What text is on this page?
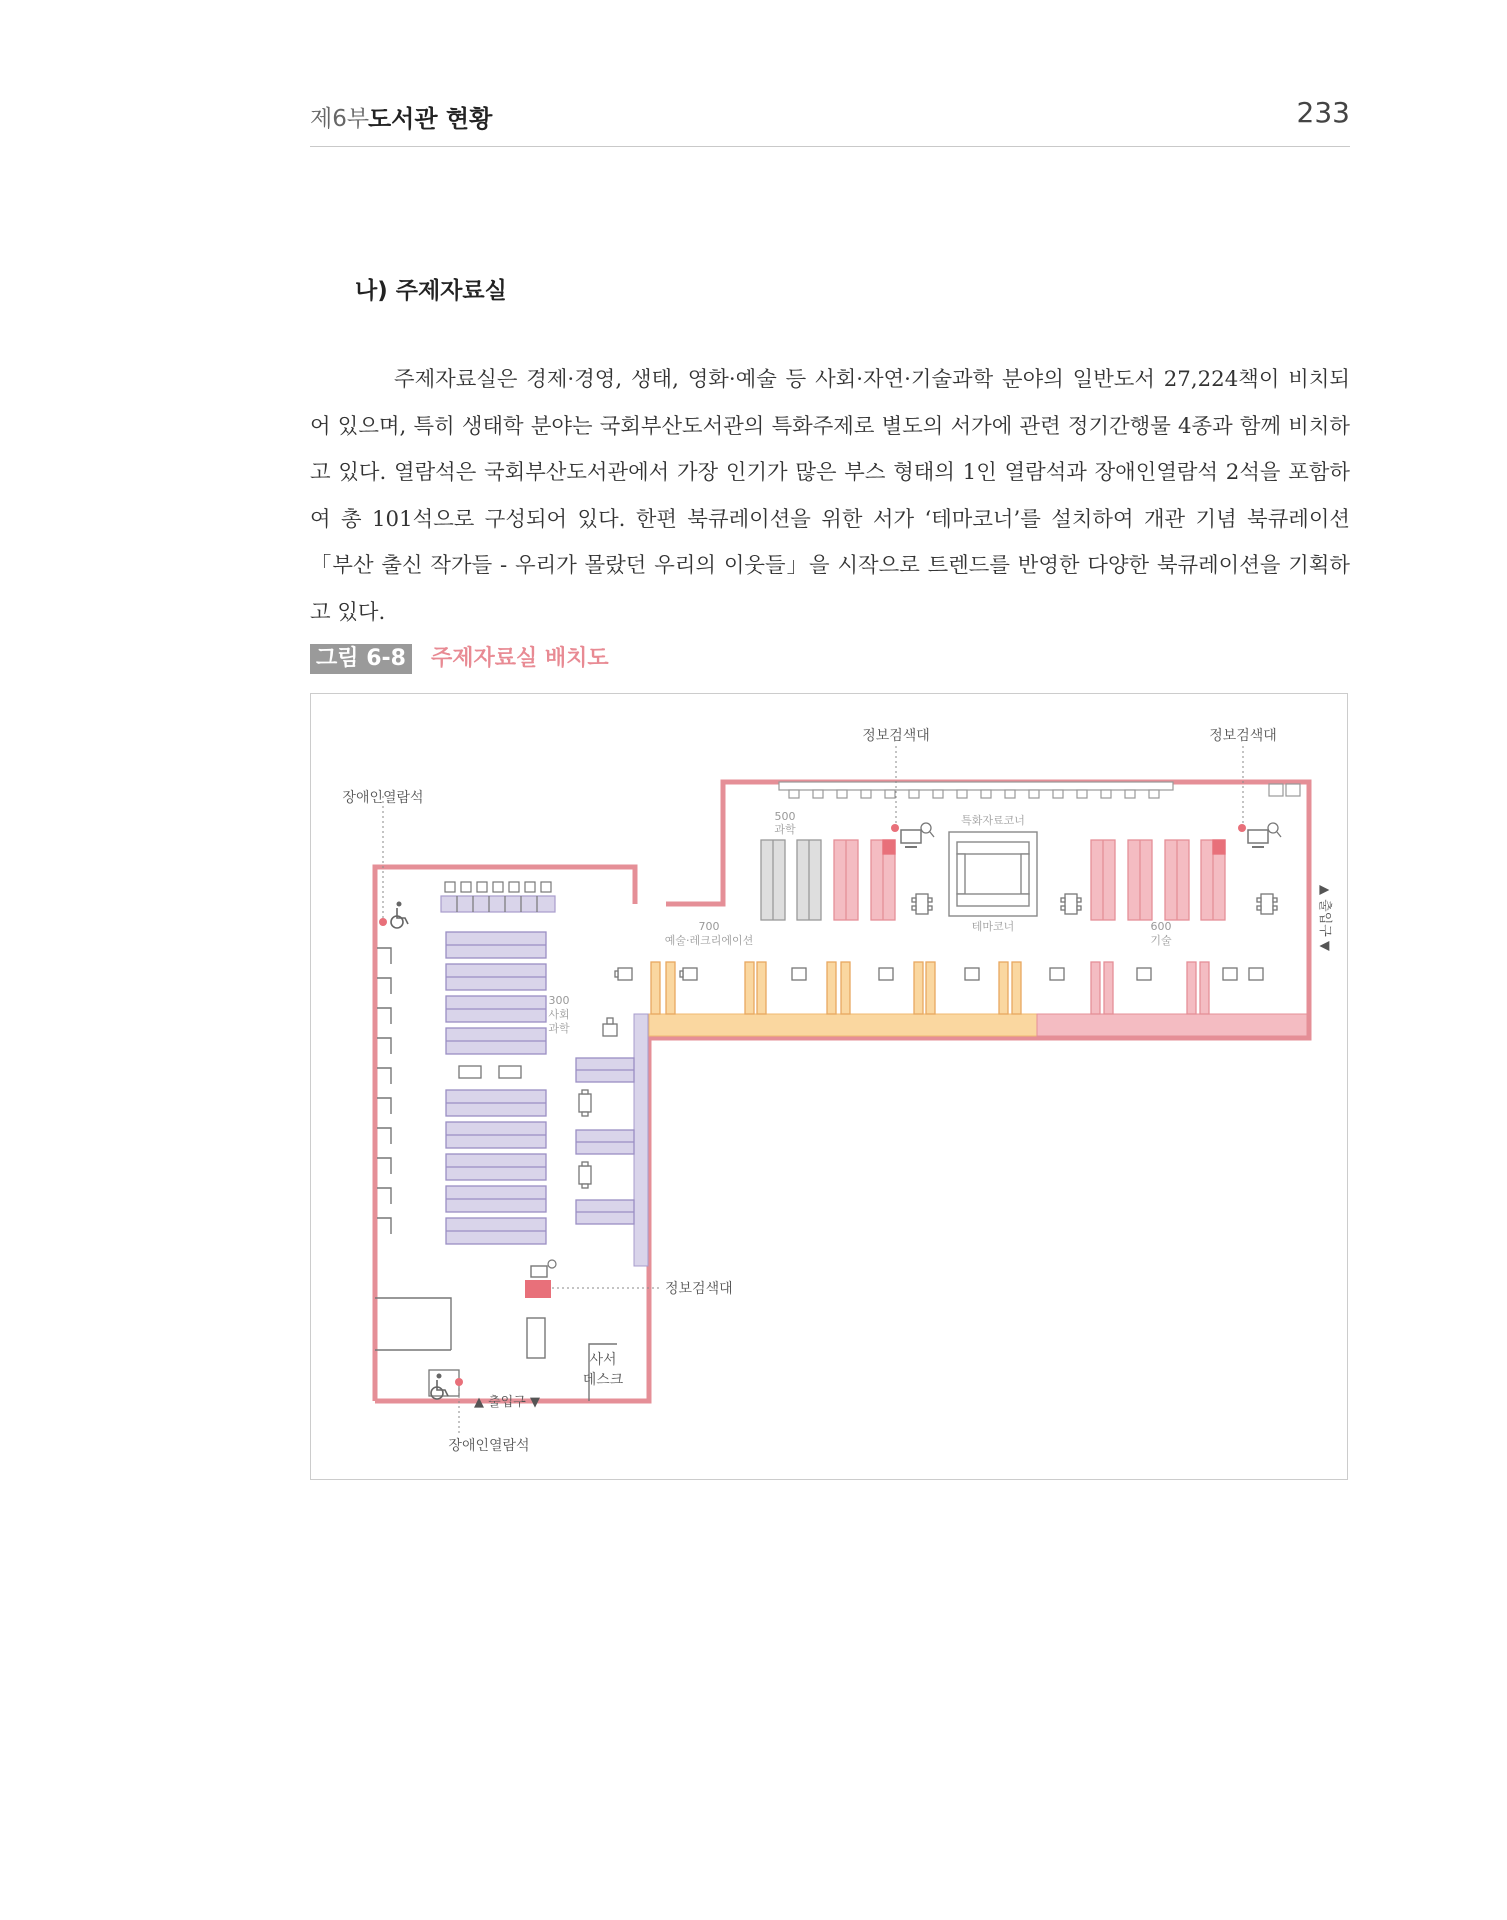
제6부
도서관 현황	233
나) 주제자료실

주제자료실은 경제·경영, 생태, 영화·예술 등 사회·자연·기술과학 분야의 일반도서 27,224책이 비치되어 있으며, 특히 생태학 분야는 국회부산도서관의 특화주제로 별도의 서가에 관련 정기간행물 4종과 함께 비치하고 있다. 열람석은 국회부산도서관에서 가장 인기가 많은 부스 형태의 1인 열람석과 장애인열람석 2석을 포함하여 총 101석으로 구성되어 있다. 한편 북큐레이션을 위한 서가 ‘테마코너’를 설치하여 개관 기념 북큐레이션 「부산 출신 작가들 - 우리가 몰랐던 우리의 이웃들」을 시작으로 트렌드를 반영한 다양한 북큐레이션을 기획하고 있다.

그림 6-8 주제자료실 배치도
▲ 출입구 ▼
정보검색대	정보검색대
장애인열람석
500
과학
특화자료코너
테마코너
700
예술·레크리에이션
600
기술
300
사회
과학
정보검색대
사서
데스크
▲ 출입구 ▼
장애인열람석
